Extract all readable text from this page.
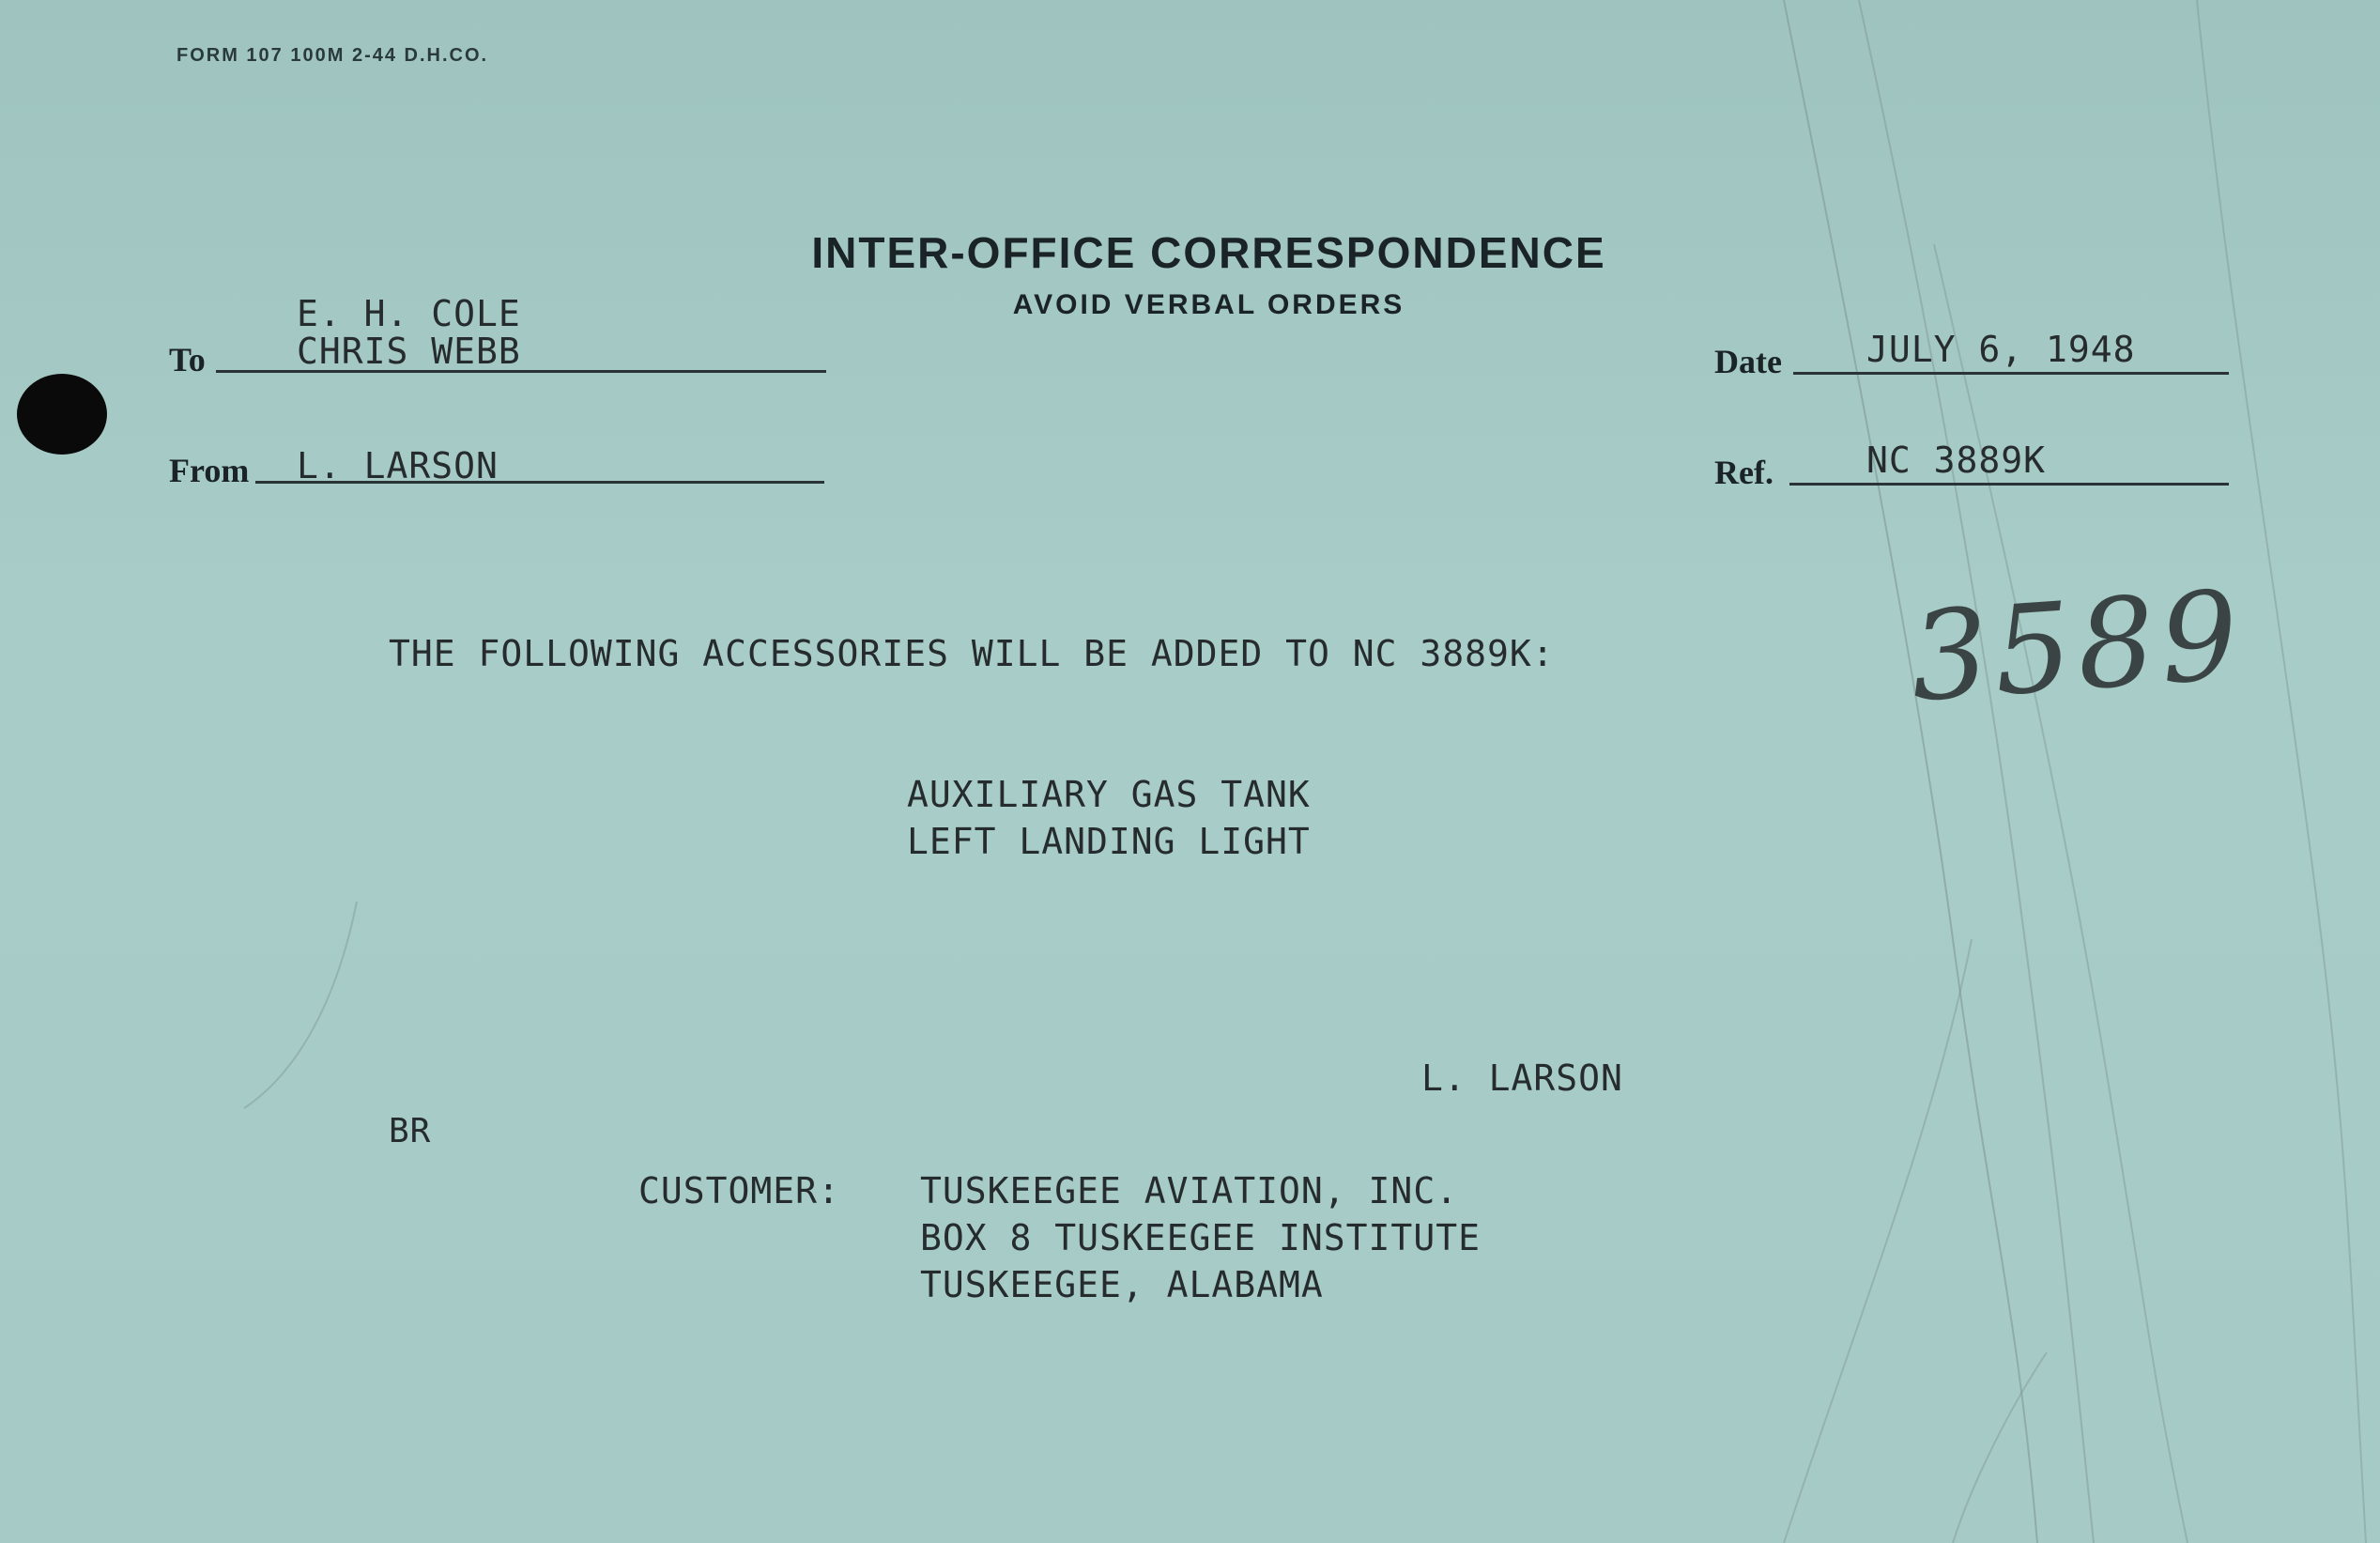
FORM 107 100M 2-44 D.H.CO.
INTER-OFFICE CORRESPONDENCE
AVOID VERBAL ORDERS
To
E. H. COLE
CHRIS WEBB
From L. LARSON
Date JULY 6, 1948
Ref.	NC 3889K
3589
THE FOLLOWING ACCESSORIES WILL BE ADDED TO NC 3889K:
AUXILIARY GAS TANK
LEFT LANDING LIGHT
L. LARSON
BR
CUSTOMER: TUSKEEGEE AVIATION, INC.
BOX 8 TUSKEEGEE INSTITUTE
TUSKEEGEE, ALABAMA
